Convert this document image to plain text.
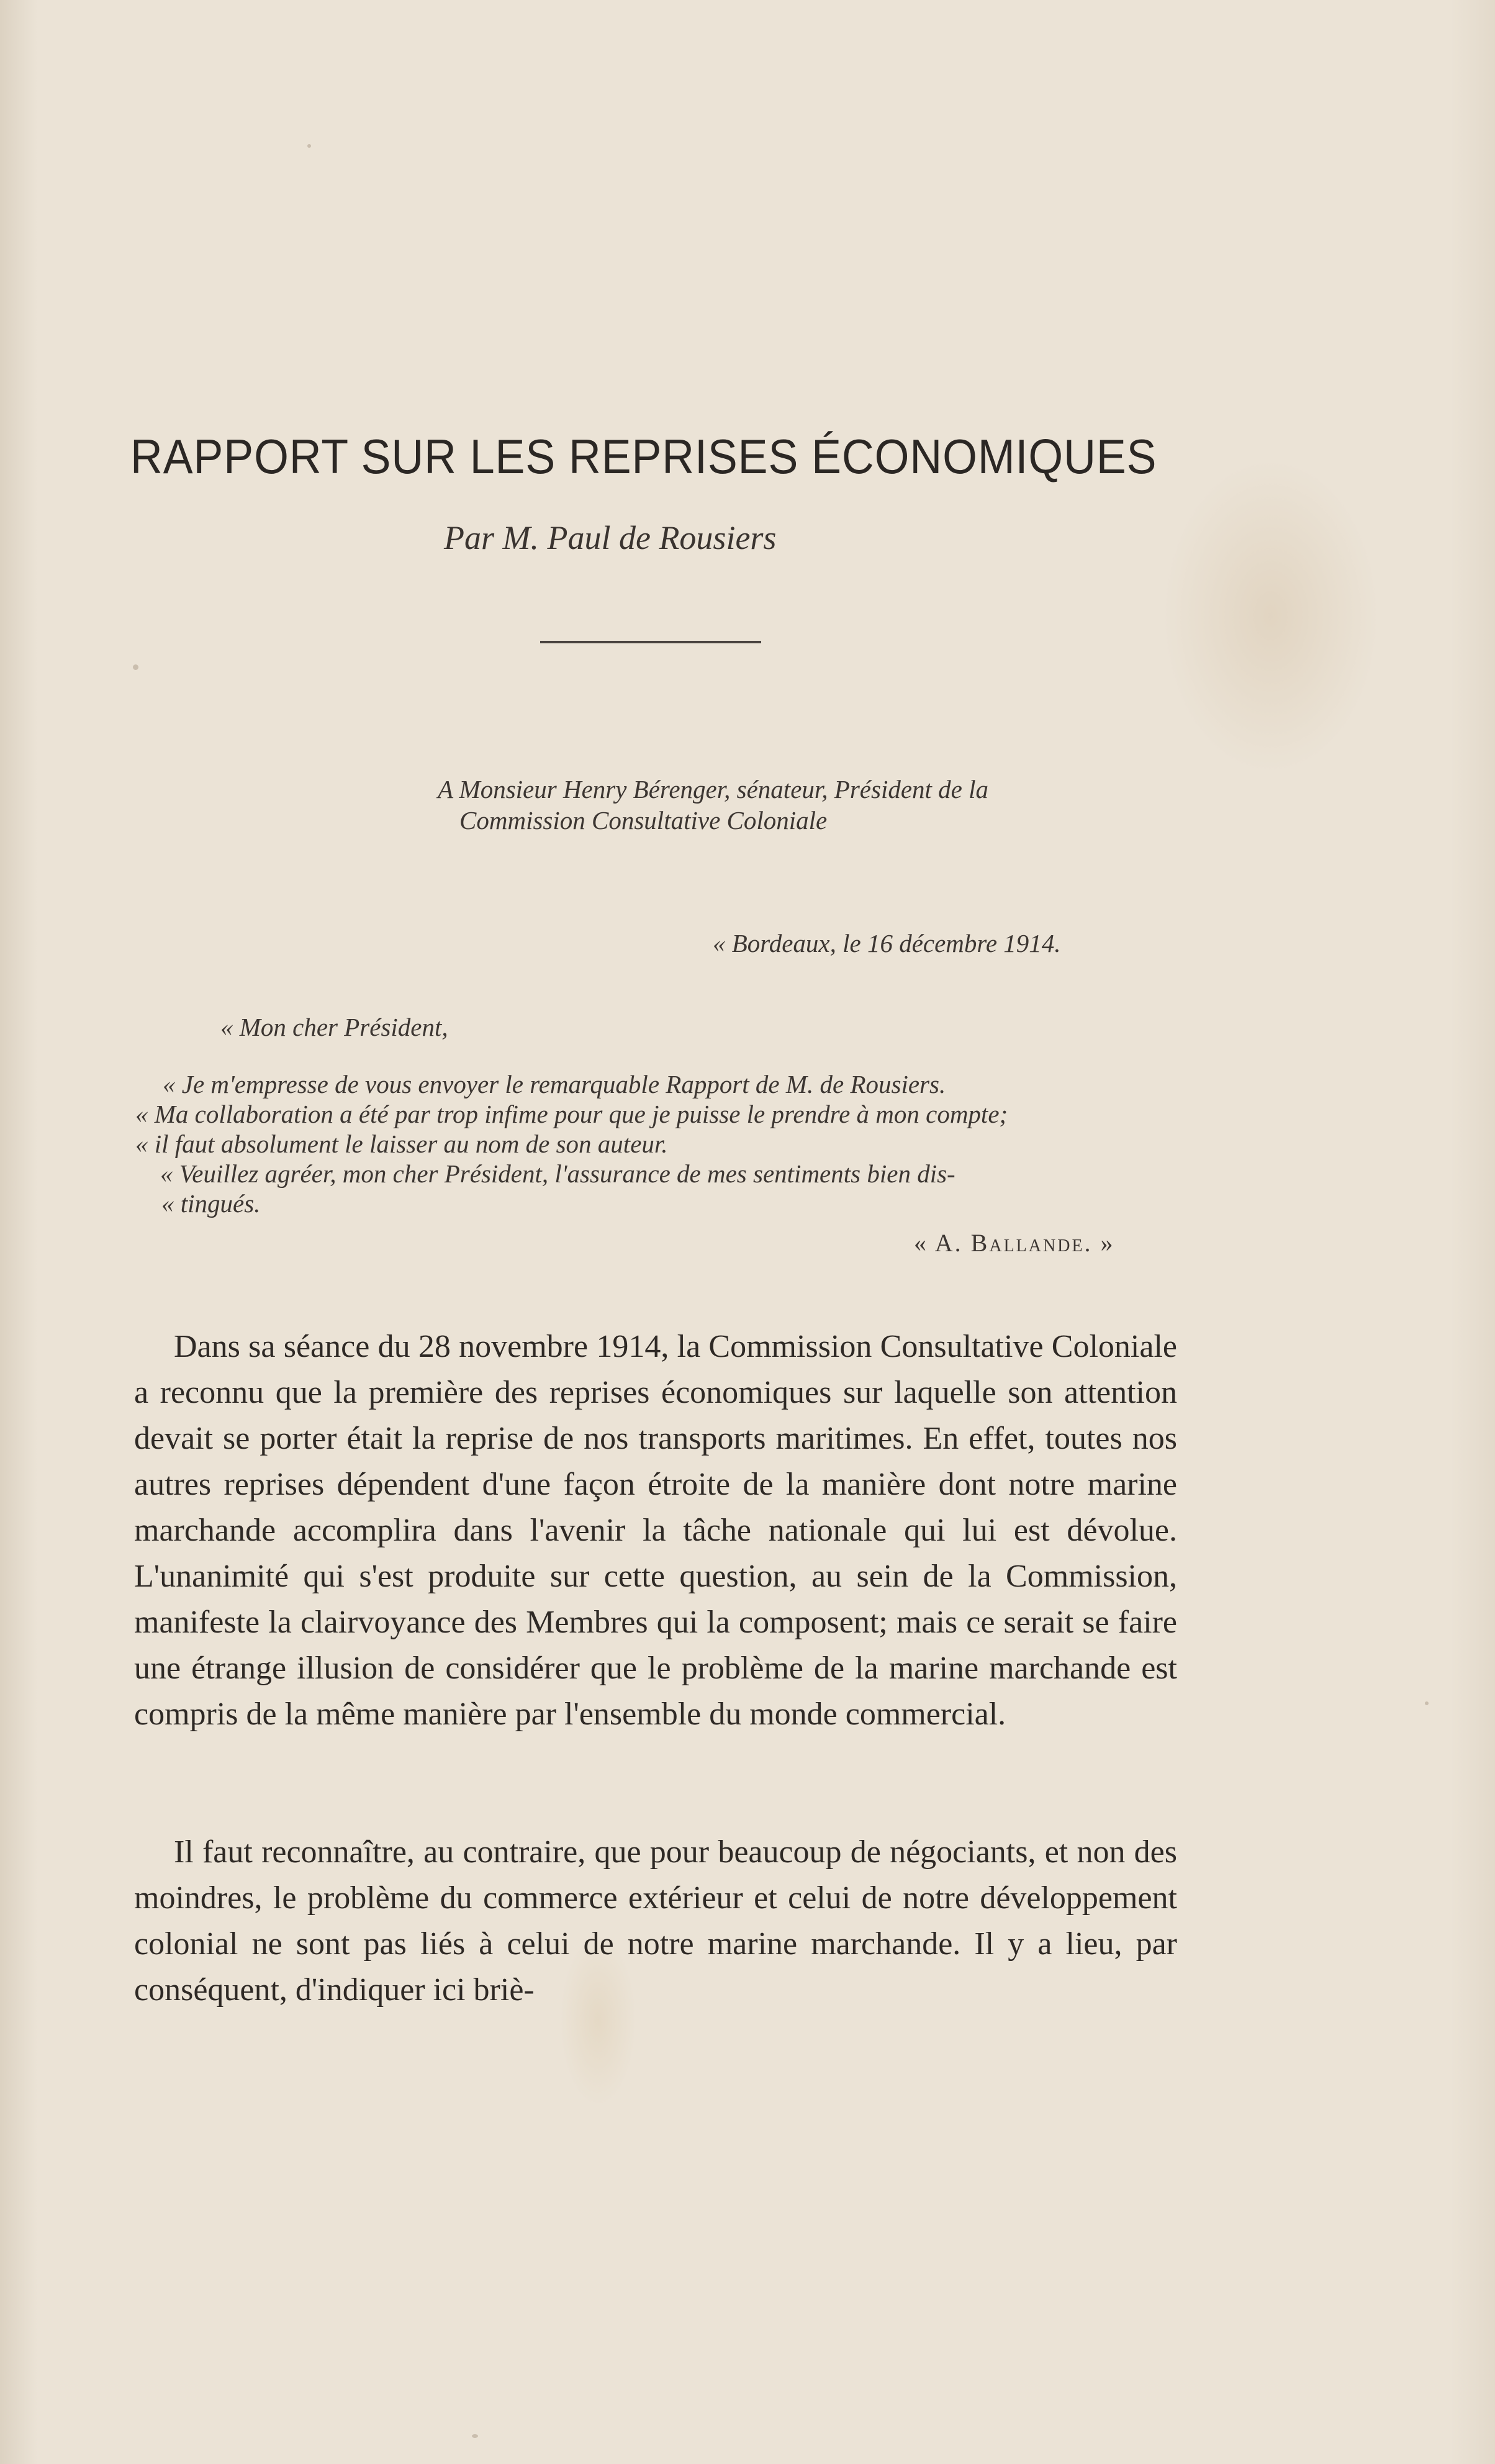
RAPPORT SUR LES REPRISES ÉCONOMIQUES

Par M. Paul de Rousiers

A Monsieur Henry Bérenger, sénateur, Président de la

Commission Consultative Coloniale

« Bordeaux, le 16 décembre 1914.

« Mon cher Président,

« Je m'empresse de vous envoyer le remarquable Rapport de M. de Rousiers.

« Ma collaboration a été par trop infime pour que je puisse le prendre à mon compte;

« il faut absolument le laisser au nom de son auteur.

« Veuillez agréer, mon cher Président, l'assurance de mes sentiments bien dis-

« tingués.

« A. Ballande. »

Dans sa séance du 28 novembre 1914, la Commission Consultative Coloniale a reconnu que la première des reprises économiques sur laquelle son attention devait se porter était la reprise de nos transports maritimes. En effet, toutes nos autres reprises dépendent d'une façon étroite de la manière dont notre marine marchande accomplira dans l'avenir la tâche nationale qui lui est dévolue. L'unanimité qui s'est produite sur cette question, au sein de la Commission, manifeste la clairvoyance des Membres qui la composent; mais ce serait se faire une étrange illusion de considérer que le problème de la marine marchande est compris de la même manière par l'ensemble du monde commercial.

Il faut reconnaître, au contraire, que pour beaucoup de négociants, et non des moindres, le problème du commerce extérieur et celui de notre développement colonial ne sont pas liés à celui de notre marine marchande. Il y a lieu, par conséquent, d'indiquer ici briè-
